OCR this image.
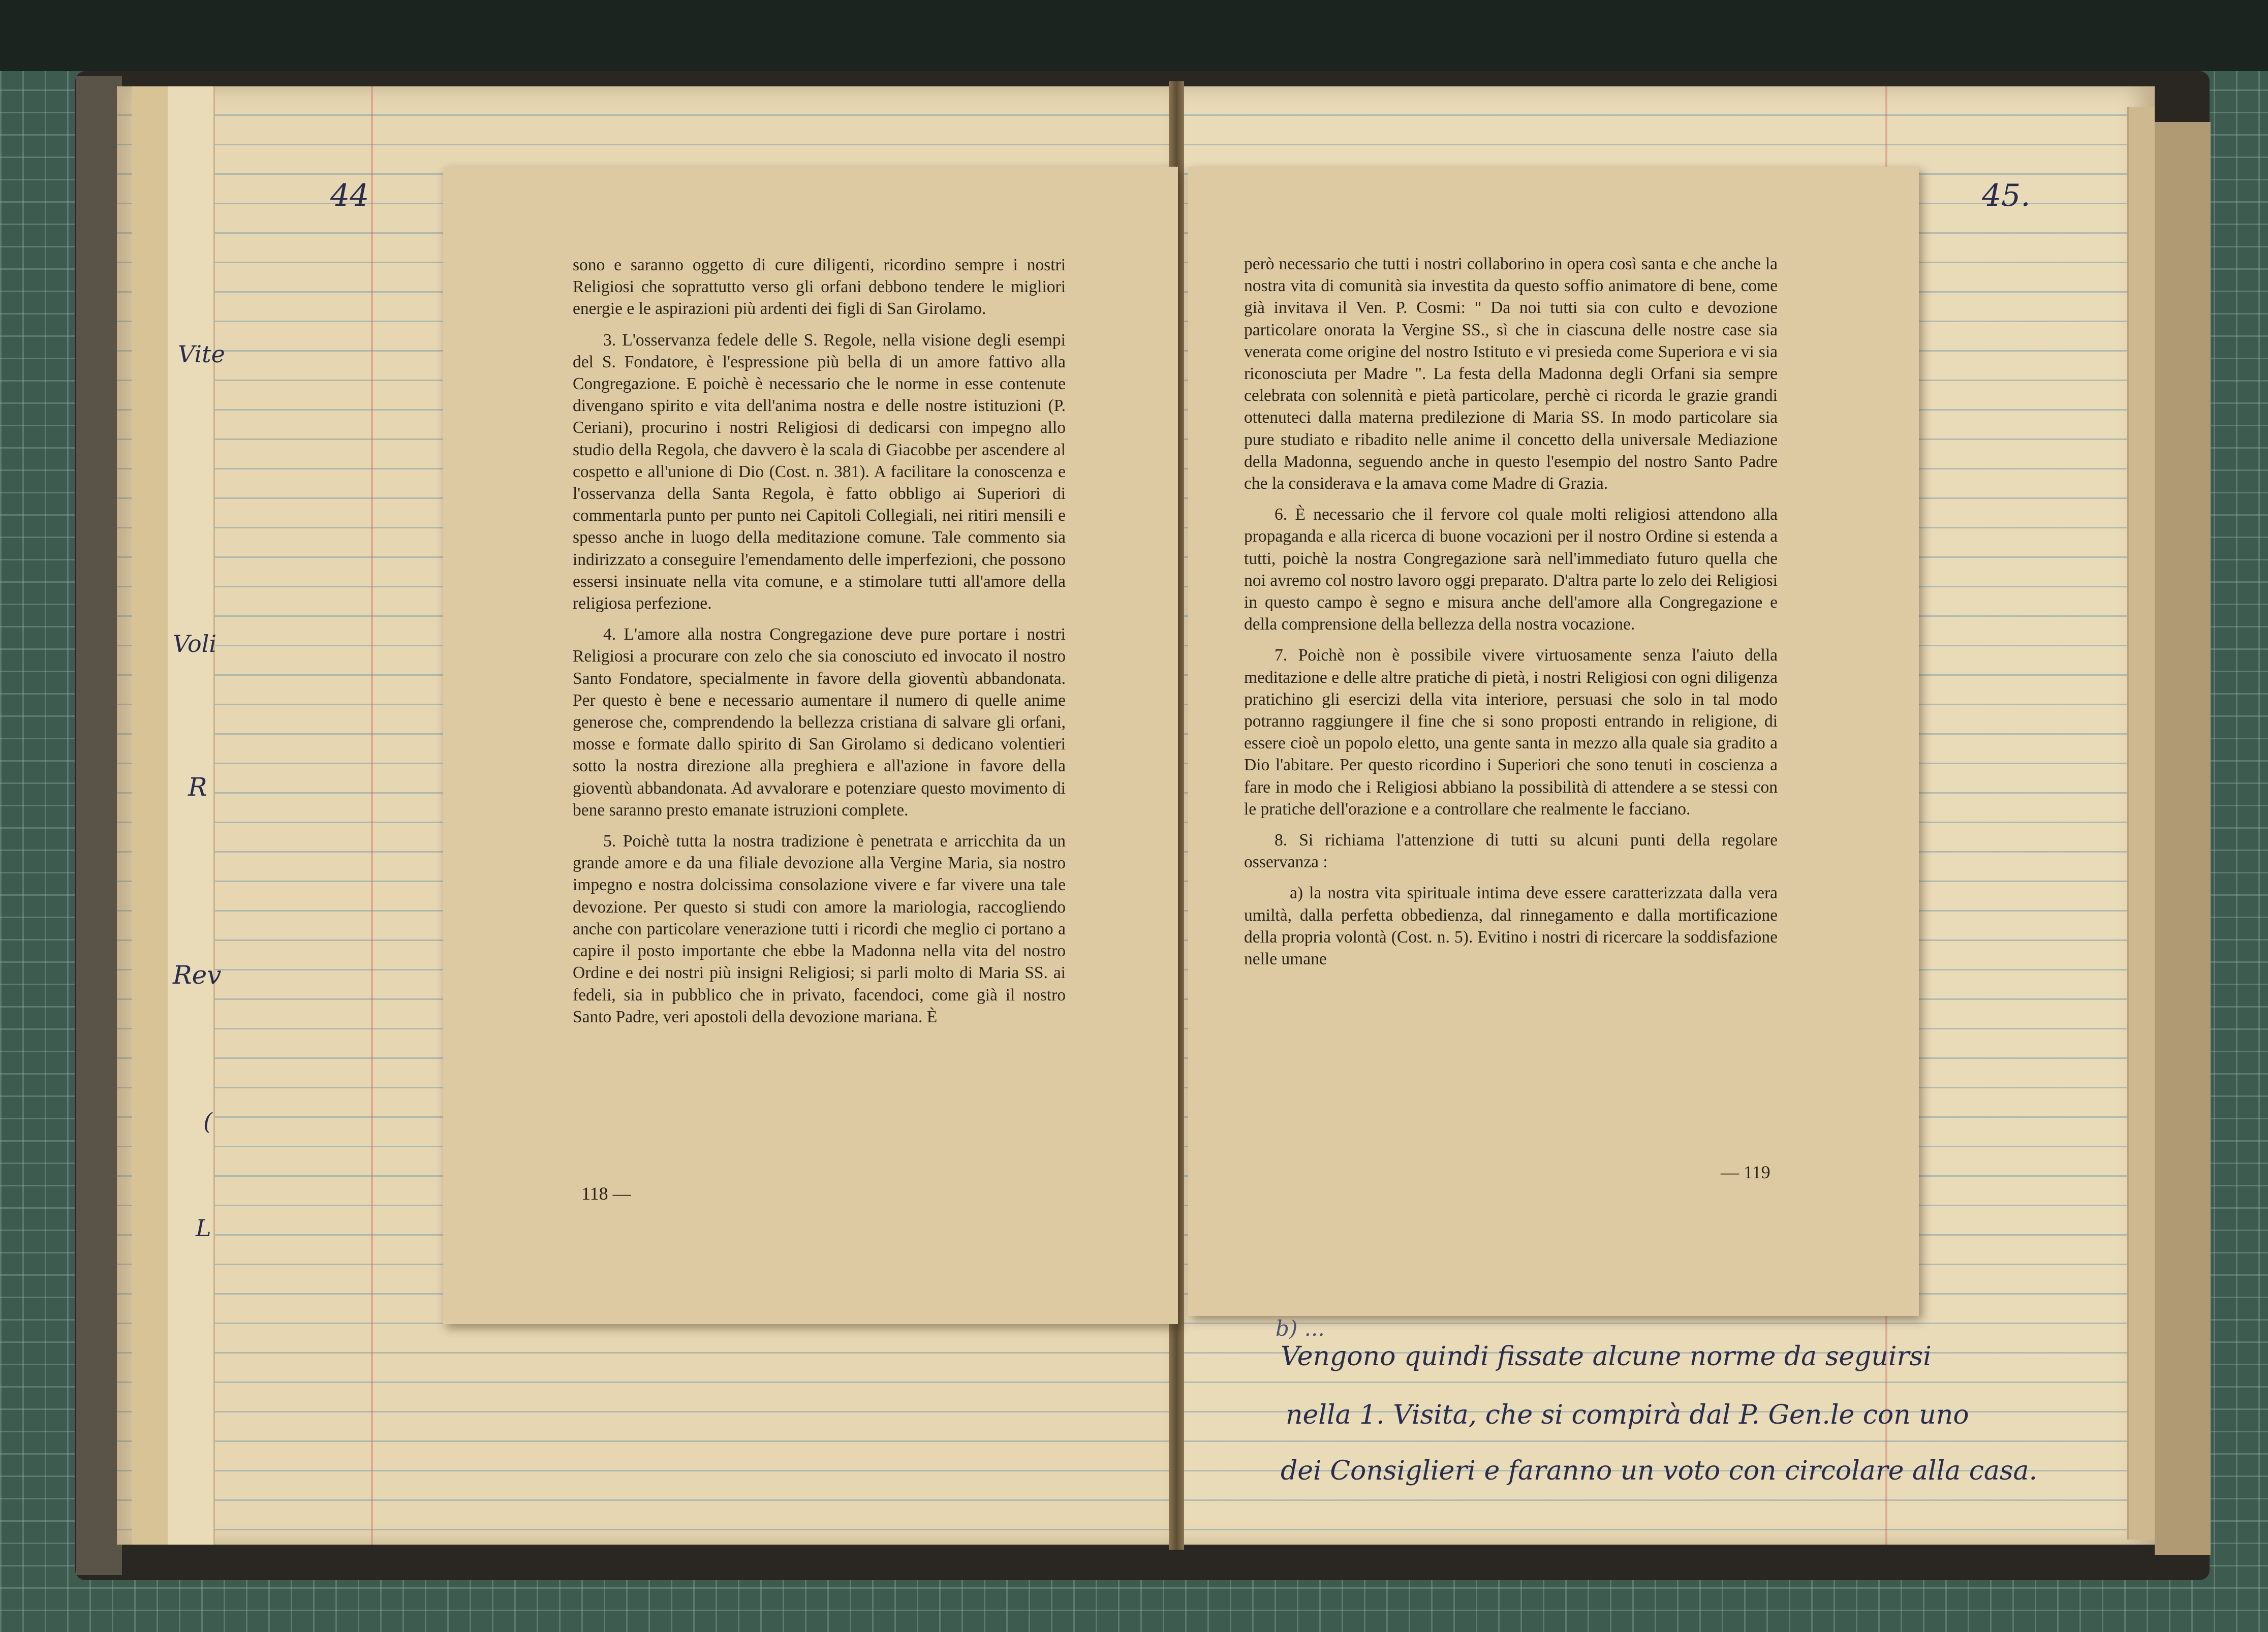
44	45.
Vite
Voli
R
Rev
(
L

sono e saranno oggetto di cure diligenti, ricordino sempre i nostri Religiosi che soprattutto verso gli orfani debbono tendere le migliori energie e le aspirazioni più ardenti dei figli di San Girolamo.

3. L'osservanza fedele delle S. Regole, nella visione degli esempi del S. Fondatore, è l'espressione più bella di un amore fattivo alla Congregazione. E poichè è necessario che le norme in esse contenute divengano spirito e vita dell'anima nostra e delle nostre istituzioni (P. Ceriani), procurino i nostri Religiosi di dedicarsi con impegno allo studio della Regola, che davvero è la scala di Giacobbe per ascendere al cospetto e all'unione di Dio (Cost. n. 381). A facilitare la conoscenza e l'osservanza della Santa Regola, è fatto obbligo ai Superiori di commentarla punto per punto nei Capitoli Collegiali, nei ritiri mensili e spesso anche in luogo della meditazione comune. Tale commento sia indirizzato a conseguire l'emendamento delle imperfezioni, che possono essersi insinuate nella vita comune, e a stimolare tutti all'amore della religiosa perfezione.

4. L'amore alla nostra Congregazione deve pure portare i nostri Religiosi a procurare con zelo che sia conosciuto ed invocato il nostro Santo Fondatore, specialmente in favore della gioventù abbandonata. Per questo è bene e necessario aumentare il numero di quelle anime generose che, comprendendo la bellezza cristiana di salvare gli orfani, mosse e formate dallo spirito di San Girolamo si dedicano volentieri sotto la nostra direzione alla preghiera e all'azione in favore della gioventù abbandonata. Ad avvalorare e potenziare questo movimento di bene saranno presto emanate istruzioni complete.

5. Poichè tutta la nostra tradizione è penetrata e arricchita da un grande amore e da una filiale devozione alla Vergine Maria, sia nostro impegno e nostra dolcissima consolazione vivere e far vivere una tale devozione. Per questo si studi con amore la mariologia, raccogliendo anche con particolare venerazione tutti i ricordi che meglio ci portano a capire il posto importante che ebbe la Madonna nella vita del nostro Ordine e dei nostri più insigni Religiosi; si parli molto di Maria SS. ai fedeli, sia in pubblico che in privato, facendoci, come già il nostro Santo Padre, veri apostoli della devozione mariana. È

118 —

però necessario che tutti i nostri collaborino in opera così santa e che anche la nostra vita di comunità sia investita da questo soffio animatore di bene, come già invitava il Ven. P. Cosmi: " Da noi tutti sia con culto e devozione particolare onorata la Vergine SS., sì che in ciascuna delle nostre case sia venerata come origine del nostro Istituto e vi presieda come Superiora e vi sia riconosciuta per Madre ". La festa della Madonna degli Orfani sia sempre celebrata con solennità e pietà particolare, perchè ci ricorda le grazie grandi ottenuteci dalla materna predilezione di Maria SS. In modo particolare sia pure studiato e ribadito nelle anime il concetto della universale Mediazione della Madonna, seguendo anche in questo l'esempio del nostro Santo Padre che la considerava e la amava come Madre di Grazia.

6. È necessario che il fervore col quale molti religiosi attendono alla propaganda e alla ricerca di buone vocazioni per il nostro Ordine si estenda a tutti, poichè la nostra Congregazione sarà nell'immediato futuro quella che noi avremo col nostro lavoro oggi preparato. D'altra parte lo zelo dei Religiosi in questo campo è segno e misura anche dell'amore alla Congregazione e della comprensione della bellezza della nostra vocazione.

7. Poichè non è possibile vivere virtuosamente senza l'aiuto della meditazione e delle altre pratiche di pietà, i nostri Religiosi con ogni diligenza pratichino gli esercizi della vita interiore, persuasi che solo in tal modo potranno raggiungere il fine che si sono proposti entrando in religione, di essere cioè un popolo eletto, una gente santa in mezzo alla quale sia gradito a Dio l'abitare. Per questo ricordino i Superiori che sono tenuti in coscienza a fare in modo che i Religiosi abbiano la possibilità di attendere a se stessi con le pratiche dell'orazione e a controllare che realmente le facciano.

8. Si richiama l'attenzione di tutti su alcuni punti della regolare osservanza :

a) la nostra vita spirituale intima deve essere caratterizzata dalla vera umiltà, dalla perfetta obbedienza, dal rinnegamento e dalla mortificazione della propria volontà (Cost. n. 5). Evitino i nostri di ricercare la soddisfazione nelle umane

— 119
b) ...
Vengono quindi fissate alcune norme da seguirsi
nella 1. Visita, che si compirà dal P. Gen.le con uno
dei Consiglieri e faranno un voto con circolare alla casa.
